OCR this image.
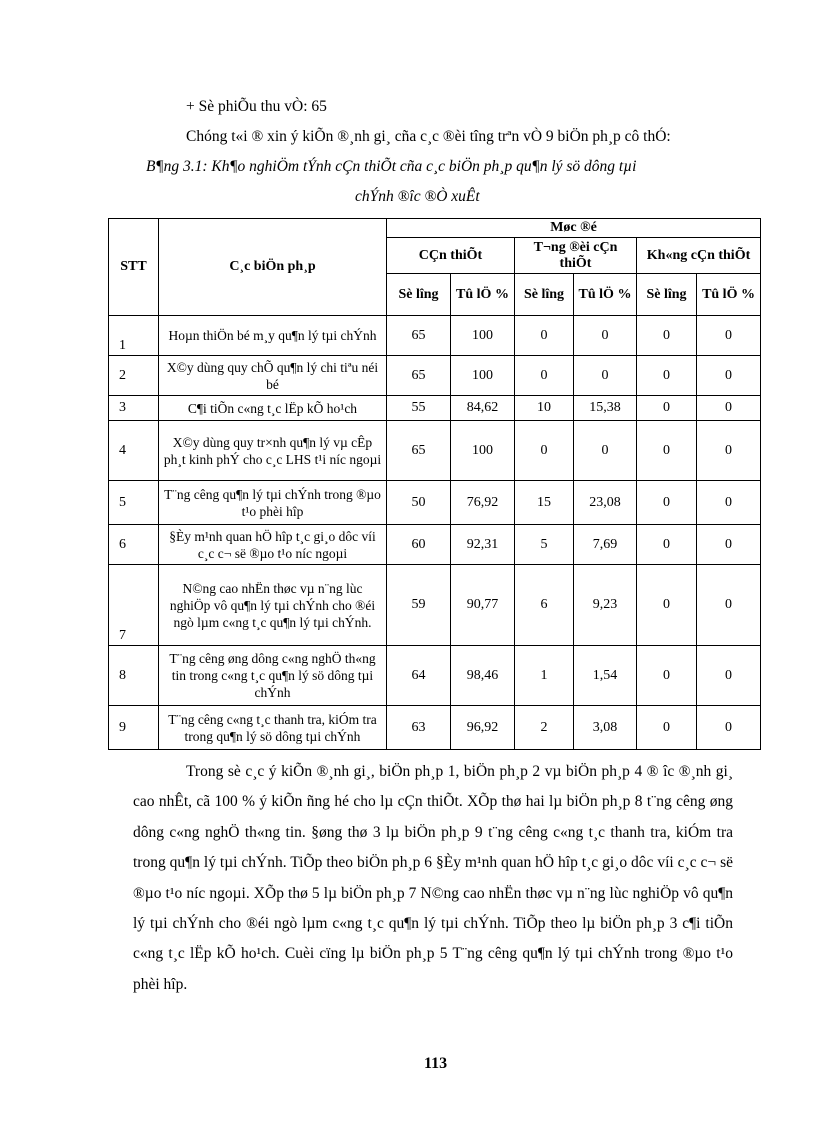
+ Sè phiÕu thu vÒ: 65
Chóng t«i ® xin ý kiÕn ®¸nh gi¸ cña c¸c ®èi tîng trªn vÒ 9 biÖn ph¸p cô thÓ:
B¶ng 3.1: Kh¶o nghiÖm tÝnh cÇn thiÕt cña c¸c biÖn ph¸p qu¶n lý sö dông tµi
chÝnh ®îc ®Ò xuÊt
STT	C¸c biÖn ph¸p	Møc ®é					
		CÇn thiÕt		T¬ng ®èi cÇn thiÕt		Kh«ng cÇn thiÕt	
		Sè lîng	Tû lÖ %	Sè lîng	Tû lÖ %	Sè lîng	Tû lÖ %
1	Hoµn thiÖn bé m¸y qu¶n lý tµi chÝnh	65	100	0	0	0	0
2	X©y dùng quy chÕ qu¶n lý chi tiªu néi bé	65	100	0	0	0	0
3	C¶i tiÕn c«ng t¸c lËp kÕ ho¹ch	55	84,62	10	15,38	0	0
4	X©y dùng quy tr×nh qu¶n lý vµ cÊp ph¸t kinh phÝ cho c¸c LHS t¹i níc ngoµi	65	100	0	0	0	0
5	T¨ng cêng qu¶n lý tµi chÝnh trong ®µo t¹o phèi hîp	50	76,92	15	23,08	0	0
6	§Èy m¹nh quan hÖ hîp t¸c gi¸o dôc víi c¸c c¬ së ®µo t¹o níc ngoµi	60	92,31	5	7,69	0	0
7	N©ng cao nhËn thøc vµ n¨ng lùc nghiÖp vô qu¶n lý tµi chÝnh cho ®éi ngò lµm c«ng t¸c qu¶n lý tµi chÝnh.	59	90,77	6	9,23	0	0
8	T¨ng cêng øng dông c«ng nghÖ th«ng tin trong c«ng t¸c qu¶n lý sö dông tµi chÝnh	64	98,46	1	1,54	0	0
9	T¨ng cêng c«ng t¸c thanh tra, kiÓm tra trong qu¶n lý sö dông tµi chÝnh	63	96,92	2	3,08	0	0
Trong sè c¸c ý kiÕn ®¸nh gi¸, biÖn ph¸p 1, biÖn ph¸p 2 vµ biÖn ph¸p 4 ® îc ®¸nh gi¸ cao nhÊt, cã 100 % ý kiÕn ñng hé cho lµ cÇn thiÕt. XÕp thø hai lµ biÖn ph¸p 8 t¨ng cêng øng dông c«ng nghÖ th«ng tin. §øng thø 3 lµ biÖn ph¸p 9 t¨ng cêng c«ng t¸c thanh tra, kiÓm tra trong qu¶n lý tµi chÝnh. TiÕp theo biÖn ph¸p 6 §Èy m¹nh quan hÖ hîp t¸c gi¸o dôc víi c¸c c¬ së ®µo t¹o níc ngoµi. XÕp thø 5 lµ biÖn ph¸p 7 N©ng cao nhËn thøc vµ n¨ng lùc nghiÖp vô qu¶n lý tµi chÝnh cho ®éi ngò lµm c«ng t¸c qu¶n lý tµi chÝnh. TiÕp theo lµ biÖn ph¸p 3 c¶i tiÕn c«ng t¸c lËp kÕ ho¹ch. Cuèi cïng lµ biÖn ph¸p 5 T¨ng cêng qu¶n lý tµi chÝnh trong ®µo t¹o phèi hîp.
113
